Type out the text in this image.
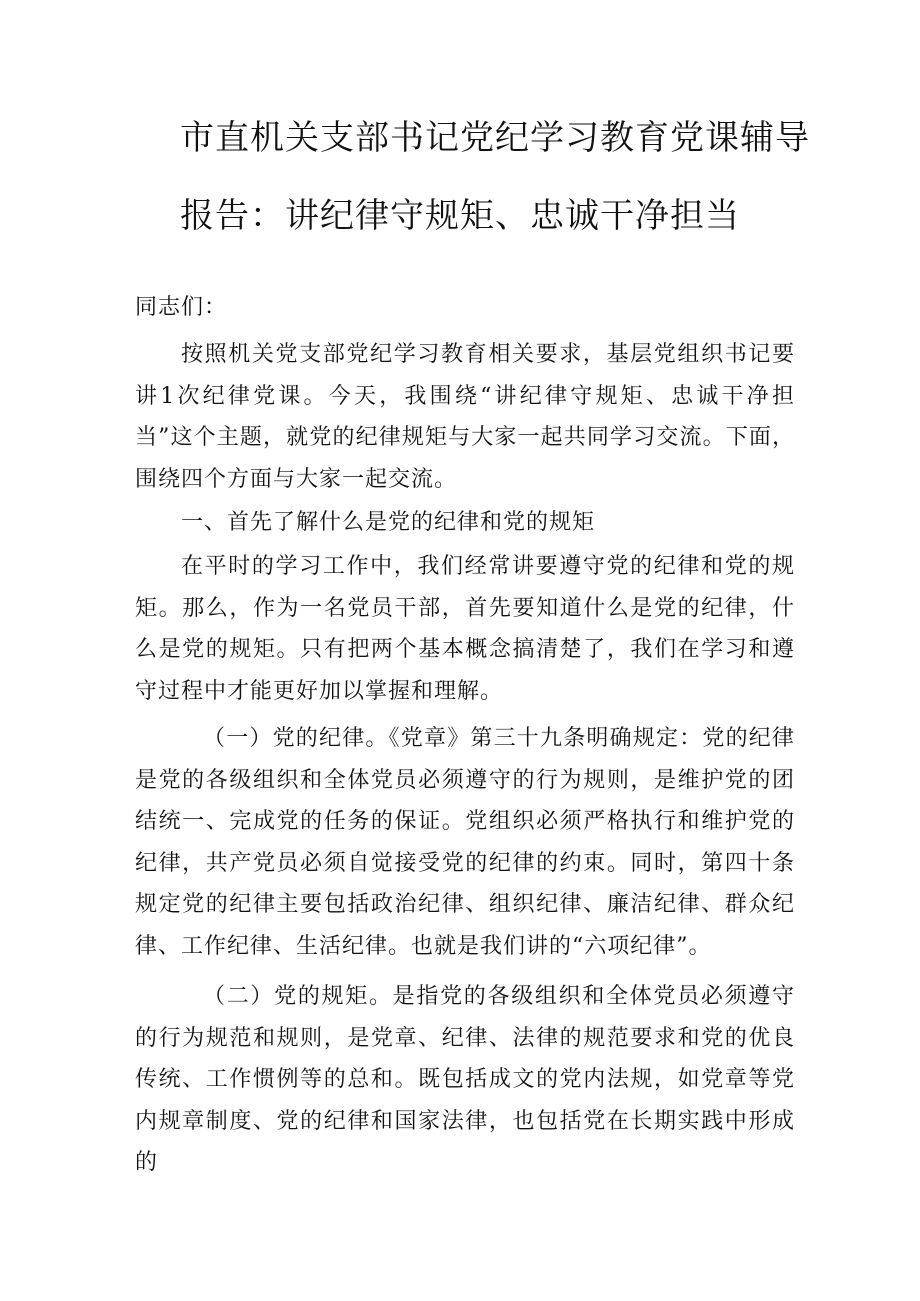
市直机关支部书记党纪学习教育党课辅导
报告：讲纪律守规矩、忠诚干净担当
同志们：
按照机关党支部党纪学习教育相关要求，基层党组织书记要讲1次纪律党课。今天，我围绕“讲纪律守规矩、忠诚干净担当”这个主题，就党的纪律规矩与大家一起共同学习交流。下面，围绕四个方面与大家一起交流。
一、首先了解什么是党的纪律和党的规矩
在平时的学习工作中，我们经常讲要遵守党的纪律和党的规矩。那么，作为一名党员干部，首先要知道什么是党的纪律，什么是党的规矩。只有把两个基本概念搞清楚了，我们在学习和遵守过程中才能更好加以掌握和理解。
（一）党的纪律。《党章》第三十九条明确规定：党的纪律是党的各级组织和全体党员必须遵守的行为规则，是维护党的团结统一、完成党的任务的保证。党组织必须严格执行和维护党的纪律，共产党员必须自觉接受党的纪律的约束。同时，第四十条规定党的纪律主要包括政治纪律、组织纪律、廉洁纪律、群众纪律、工作纪律、生活纪律。也就是我们讲的“六项纪律”。
（二）党的规矩。是指党的各级组织和全体党员必须遵守的行为规范和规则，是党章、纪律、法律的规范要求和党的优良传统、工作惯例等的总和。既包括成文的党内法规，如党章等党内规章制度、党的纪律和国家法律，也包括党在长期实践中形成的
